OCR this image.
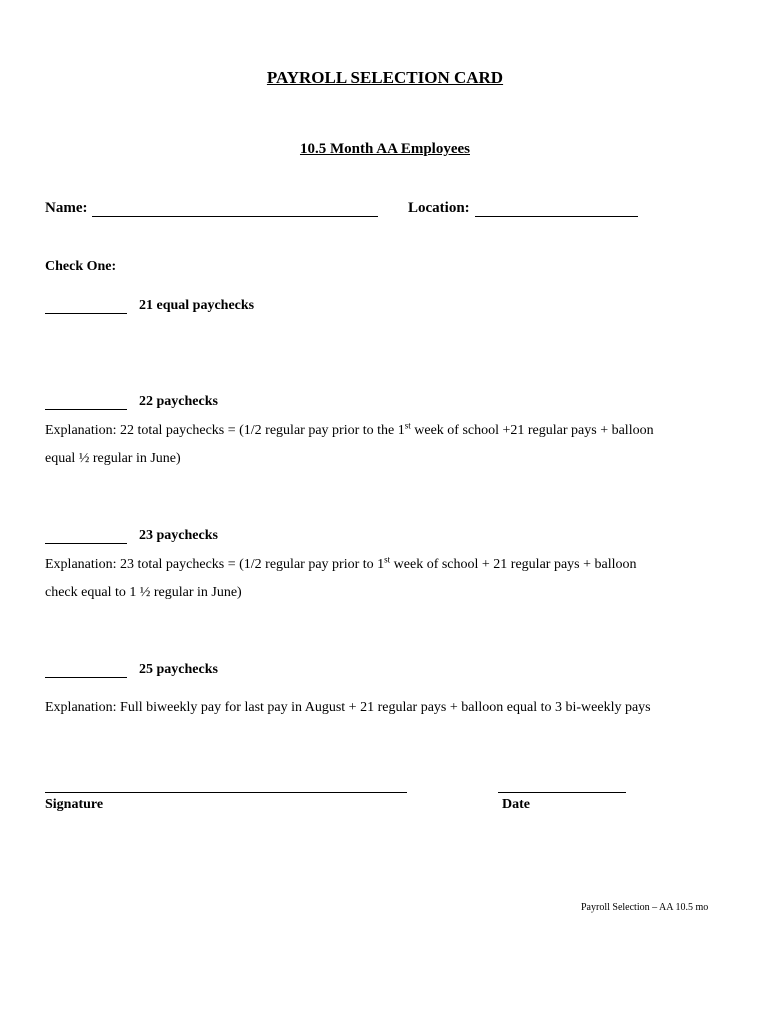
PAYROLL SELECTION CARD
10.5 Month AA Employees
Name:	Location:
Check One:
21 equal paychecks
22 paychecks
Explanation: 22 total paychecks = (1/2 regular pay prior to the 1st week of school +21 regular pays + balloon
equal ½ regular in June)
23 paychecks
Explanation: 23 total paychecks = (1/2 regular pay prior to 1st week of school + 21 regular pays + balloon
check equal to 1 ½ regular in June)
25 paychecks
Explanation: Full biweekly pay for last pay in August + 21 regular pays + balloon equal to 3 bi-weekly pays
Signature	Date
Payroll Selection – AA 10.5 mo
